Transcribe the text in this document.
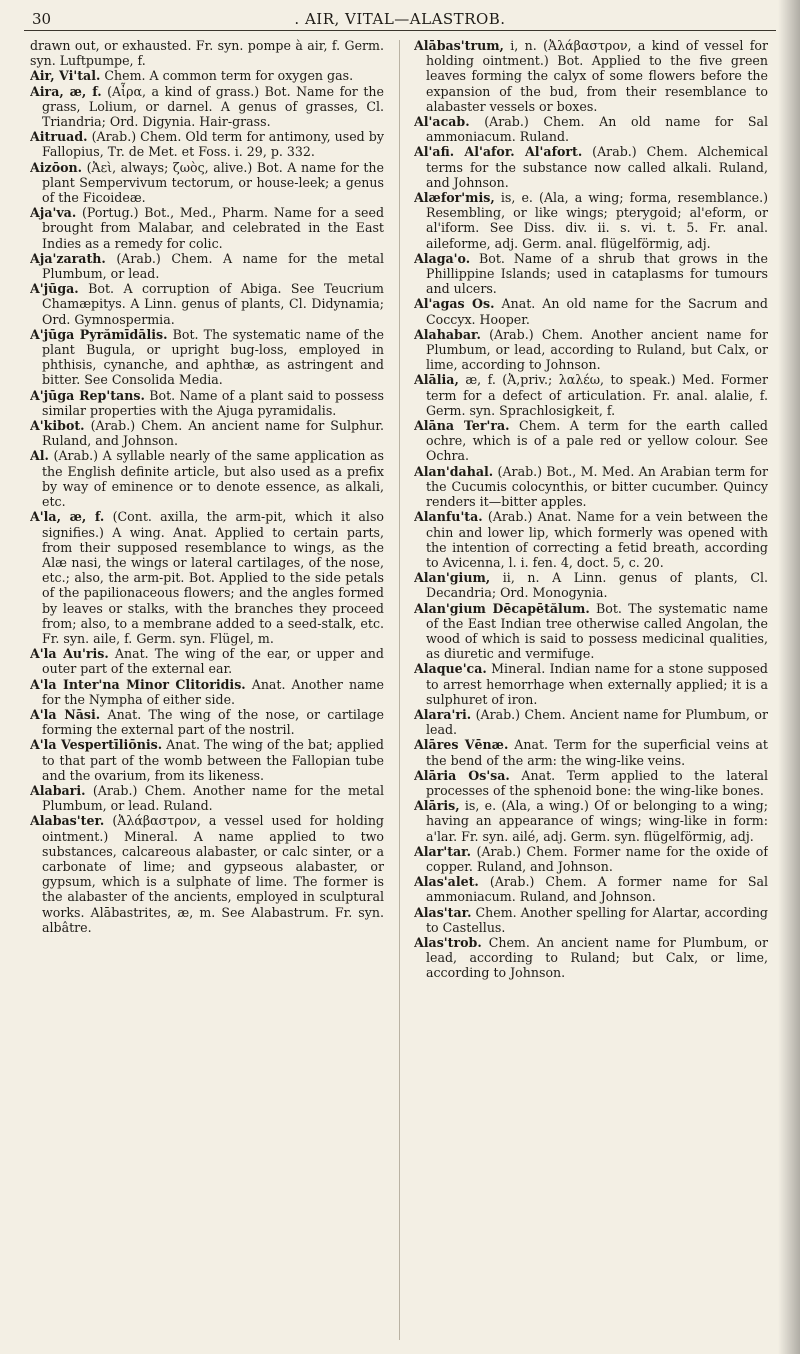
30	. AIR, VITAL—ALASTROB.

drawn out, or exhausted. Fr. syn. pompe à air, f. Germ. syn. Luftpumpe, f.

Air, Vi'tal. Chem. A common term for oxygen gas.

Aira, æ, f. (Aἶρα, a kind of grass.) Bot. Name for the grass, Lolium, or darnel. A genus of grasses, Cl. Triandria; Ord. Digynia. Hair-grass.

Aitruad. (Arab.) Chem. Old term for antimony, used by Fallopius, Tr. de Met. et Foss. i. 29, p. 332.

Aizōon. (Ἀεὶ, always; ζωὸς, alive.) Bot. A name for the plant Sempervivum tectorum, or house-leek; a genus of the Ficoideæ.

Aja'va. (Portug.) Bot., Med., Pharm. Name for a seed brought from Malabar, and celebrated in the East Indies as a remedy for colic.

Aja'zarath. (Arab.) Chem. A name for the metal Plumbum, or lead.

A'jūga. Bot. A corruption of Abiga. See Teucrium Chamæpitys. A Linn. genus of plants, Cl. Didynamia; Ord. Gymnospermia.

A'jūga Pyrămīdālis. Bot. The systematic name of the plant Bugula, or upright bug-loss, employed in phthisis, cynanche, and aphthæ, as astringent and bitter. See Consolida Media.

A'jūga Rep'tans. Bot. Name of a plant said to possess similar properties with the Ajuga pyramidalis.

A'kibot. (Arab.) Chem. An ancient name for Sulphur. Ruland, and Johnson.

Al. (Arab.) A syllable nearly of the same application as the English definite article, but also used as a prefix by way of eminence or to denote essence, as alkali, etc.

A'la, æ, f. (Cont. axilla, the arm-pit, which it also signifies.) A wing. Anat. Applied to certain parts, from their supposed resemblance to wings, as the Alæ nasi, the wings or lateral cartilages, of the nose, etc.; also, the arm-pit. Bot. Applied to the side petals of the papilionaceous flowers; and the angles formed by leaves or stalks, with the branches they proceed from; also, to a membrane added to a seed-stalk, etc. Fr. syn. aile, f. Germ. syn. Flügel, m.

A'la Au'ris. Anat. The wing of the ear, or upper and outer part of the external ear.

A'la Inter'na Minor Clitoridis. Anat. Another name for the Nympha of either side.

A'la Nāsi. Anat. The wing of the nose, or cartilage forming the external part of the nostril.

A'la Vespertīliōnis. Anat. The wing of the bat; applied to that part of the womb between the Fallopian tube and the ovarium, from its likeness.

Alabari. (Arab.) Chem. Another name for the metal Plumbum, or lead. Ruland.

Alabas'ter. (Ἀλάβαστρον, a vessel used for holding ointment.) Mineral. A name applied to two substances, calcareous alabaster, or calc sinter, or a carbonate of lime; and gypseous alabaster, or gypsum, which is a sulphate of lime. The former is the alabaster of the ancients, employed in sculptural works. Alābastrites, æ, m. See Alabastrum. Fr. syn. albâtre.

Alābas'trum, i, n. (Ἀλάβαστρον, a kind of vessel for holding ointment.) Bot. Applied to the five green leaves forming the calyx of some flowers before the expansion of the bud, from their resemblance to alabaster vessels or boxes.

Al'acab. (Arab.) Chem. An old name for Sal ammoniacum. Ruland.

Al'afi. Al'afor. Al'afort. (Arab.) Chem. Alchemical terms for the substance now called alkali. Ruland, and Johnson.

Alæfor'mis, is, e. (Ala, a wing; forma, resemblance.) Resembling, or like wings; pterygoid; al'eform, or al'iform. See Diss. div. ii. s. vi. t. 5. Fr. anal. aileforme, adj. Germ. anal. flügelförmig, adj.

Alaga'o. Bot. Name of a shrub that grows in the Phillippine Islands; used in cataplasms for tumours and ulcers.

Al'agas Os. Anat. An old name for the Sacrum and Coccyx. Hooper.

Alahabar. (Arab.) Chem. Another ancient name for Plumbum, or lead, according to Ruland, but Calx, or lime, according to Johnson.

Alālia, æ, f. (Ἀ,priv.; λαλέω, to speak.) Med. Former term for a defect of articulation. Fr. anal. alalie, f. Germ. syn. Sprachlosigkeit, f.

Alāna Ter'ra. Chem. A term for the earth called ochre, which is of a pale red or yellow colour. See Ochra.

Alan'dahal. (Arab.) Bot., M. Med. An Arabian term for the Cucumis colocynthis, or bitter cucumber. Quincy renders it—bitter apples.

Alanfu'ta. (Arab.) Anat. Name for a vein between the chin and lower lip, which formerly was opened with the intention of correcting a fetid breath, according to Avicenna, l. i. fen. 4, doct. 5, c. 20.

Alan'gium, ii, n. A Linn. genus of plants, Cl. Decandria; Ord. Monogynia.

Alan'gium Dēcapētălum. Bot. The systematic name of the East Indian tree otherwise called Angolan, the wood of which is said to possess medicinal qualities, as diuretic and vermifuge.

Alaque'ca. Mineral. Indian name for a stone supposed to arrest hemorrhage when externally applied; it is a sulphuret of iron.

Alara'ri. (Arab.) Chem. Ancient name for Plumbum, or lead.

Alāres Vēnæ. Anat. Term for the superficial veins at the bend of the arm: the wing-like veins.

Alāria Os'sa. Anat. Term applied to the lateral processes of the sphenoid bone: the wing-like bones.

Alāris, is, e. (Ala, a wing.) Of or belonging to a wing; having an appearance of wings; wing-like in form: a'lar. Fr. syn. ailé, adj. Germ. syn. flügelförmig, adj.

Alar'tar. (Arab.) Chem. Former name for the oxide of copper. Ruland, and Johnson.

Alas'alet. (Arab.) Chem. A former name for Sal ammoniacum. Ruland, and Johnson.

Alas'tar. Chem. Another spelling for Alartar, according to Castellus.

Alas'trob. Chem. An ancient name for Plumbum, or lead, according to Ruland; but Calx, or lime, according to Johnson.
